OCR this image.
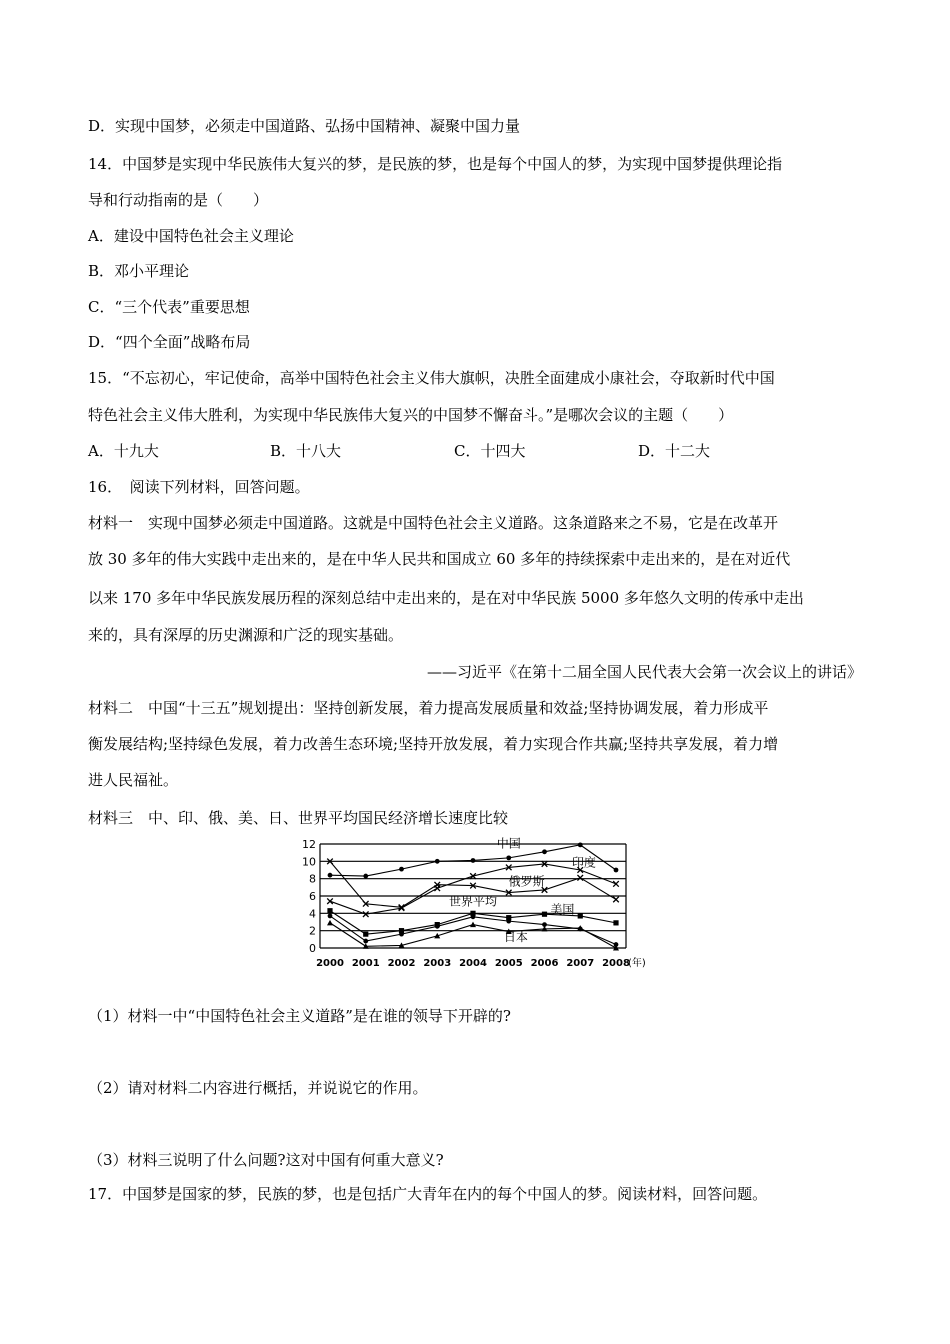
D．实现中国梦，必须走中国道路、弘扬中国精神、凝聚中国力量
14．中国梦是实现中华民族伟大复兴的梦，是民族的梦，也是每个中国人的梦，为实现中国梦提供理论指
导和行动指南的是（　　）
A．建设中国特色社会主义理论
B．邓小平理论
C．“三个代表”重要思想
D．“四个全面”战略布局
15．“不忘初心，牢记使命，高举中国特色社会主义伟大旗帜，决胜全面建成小康社会，夺取新时代中国
特色社会主义伟大胜利，为实现中华民族伟大复兴的中国梦不懈奋斗。”是哪次会议的主题（　　）
A．十九大	B．十八大	C．十四大	D．十二大
16．　阅读下列材料，回答问题。
材料一　实现中国梦必须走中国道路。这就是中国特色社会主义道路。这条道路来之不易，它是在改革开
放 30 多年的伟大实践中走出来的，是在中华人民共和国成立 60 多年的持续探索中走出来的，是在对近代
以来 170 多年中华民族发展历程的深刻总结中走出来的，是在对中华民族 5000 多年悠久文明的传承中走出
来的，具有深厚的历史渊源和广泛的现实基础。
——习近平《在第十二届全国人民代表大会第一次会议上的讲话》
材料二　中国“十三五”规划提出：坚持创新发展，着力提高发展质量和效益;坚持协调发展，着力形成平
衡发展结构;坚持绿色发展，着力改善生态环境;坚持开放发展，着力实现合作共赢;坚持共享发展，着力增
进人民福祉。
材料三　中、印、俄、美、日、世界平均国民经济增长速度比较
中国
印度
俄罗斯
世界平均
美国
日本
0
2
4
6
8
10
12
2000 2001 2002 2003 2004 2005 2006 2007 2008
(年)
（1）材料一中“中国特色社会主义道路”是在谁的领导下开辟的?
（2）请对材料二内容进行概括，并说说它的作用。
（3）材料三说明了什么问题?这对中国有何重大意义?
17．中国梦是国家的梦，民族的梦，也是包括广大青年在内的每个中国人的梦。阅读材料，回答问题。
